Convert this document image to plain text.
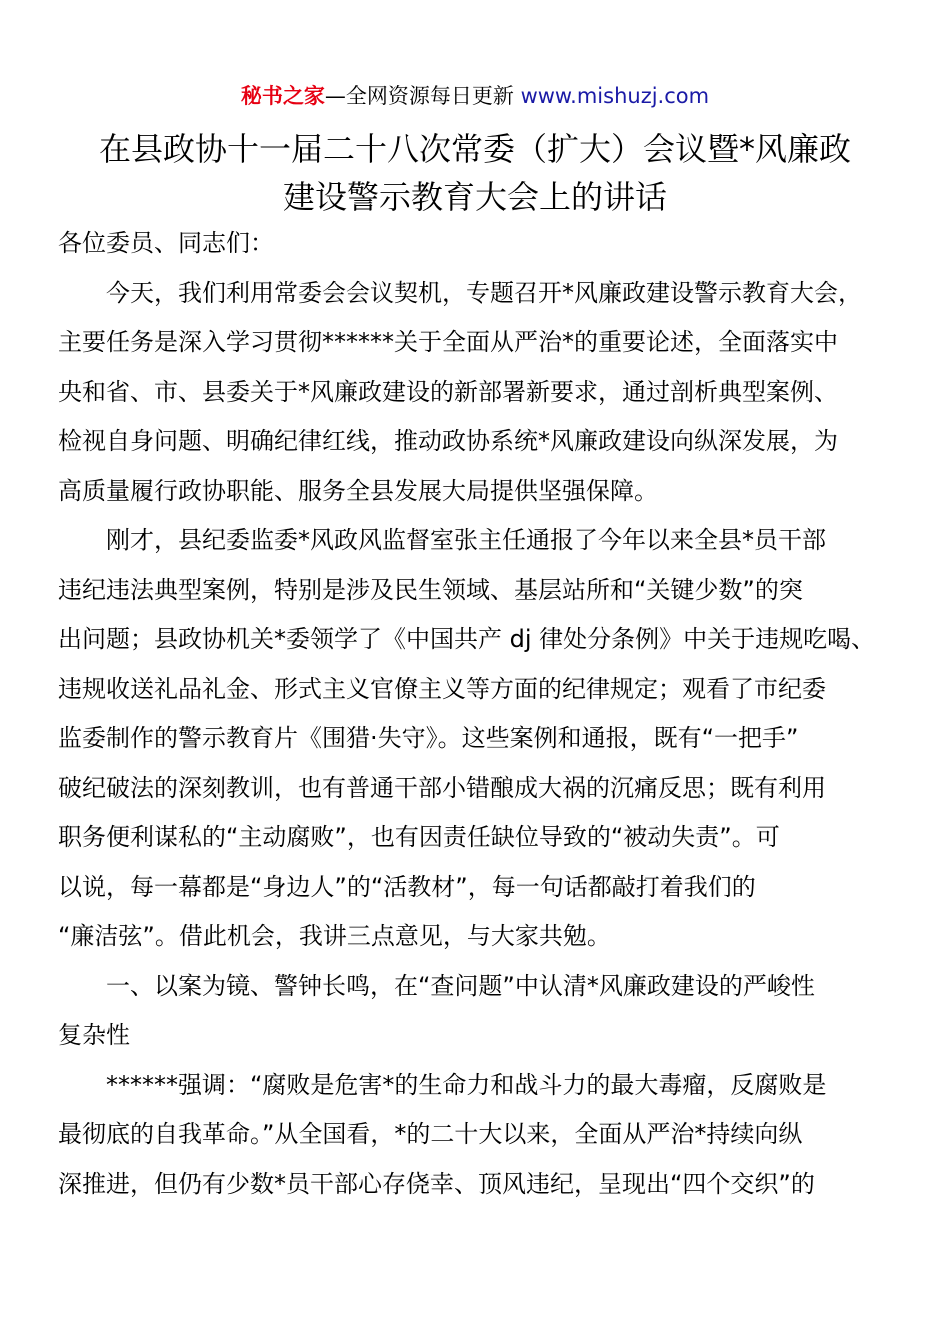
秘书之家—全网资源每日更新 www.mishuzj.com
在县政协十一届二十八次常委（扩大）会议暨*风廉政
建设警示教育大会上的讲话
各位委员、同志们：
今天，我们利用常委会会议契机，专题召开*风廉政建设警示教育大会，
主要任务是深入学习贯彻******关于全面从严治*的重要论述，全面落实中
央和省、市、县委关于*风廉政建设的新部署新要求，通过剖析典型案例、
检视自身问题、明确纪律红线，推动政协系统*风廉政建设向纵深发展，为
高质量履行政协职能、服务全县发展大局提供坚强保障。
刚才，县纪委监委*风政风监督室张主任通报了今年以来全县*员干部
违纪违法典型案例，特别是涉及民生领域、基层站所和“关键少数”的突
出问题；县政协机关*委领学了《中国共产 dj 律处分条例》中关于违规吃喝、
违规收送礼品礼金、形式主义官僚主义等方面的纪律规定；观看了市纪委
监委制作的警示教育片《围猎·失守》。这些案例和通报，既有“一把手”
破纪破法的深刻教训，也有普通干部小错酿成大祸的沉痛反思；既有利用
职务便利谋私的“主动腐败”，也有因责任缺位导致的“被动失责”。可
以说，每一幕都是“身边人”的“活教材”，每一句话都敲打着我们的
“廉洁弦”。借此机会，我讲三点意见，与大家共勉。
一、以案为镜、警钟长鸣，在“查问题”中认清*风廉政建设的严峻性
复杂性
******强调：“腐败是危害*的生命力和战斗力的最大毒瘤，反腐败是
最彻底的自我革命。”从全国看，*的二十大以来，全面从严治*持续向纵
深推进，但仍有少数*员干部心存侥幸、顶风违纪，呈现出“四个交织”的
